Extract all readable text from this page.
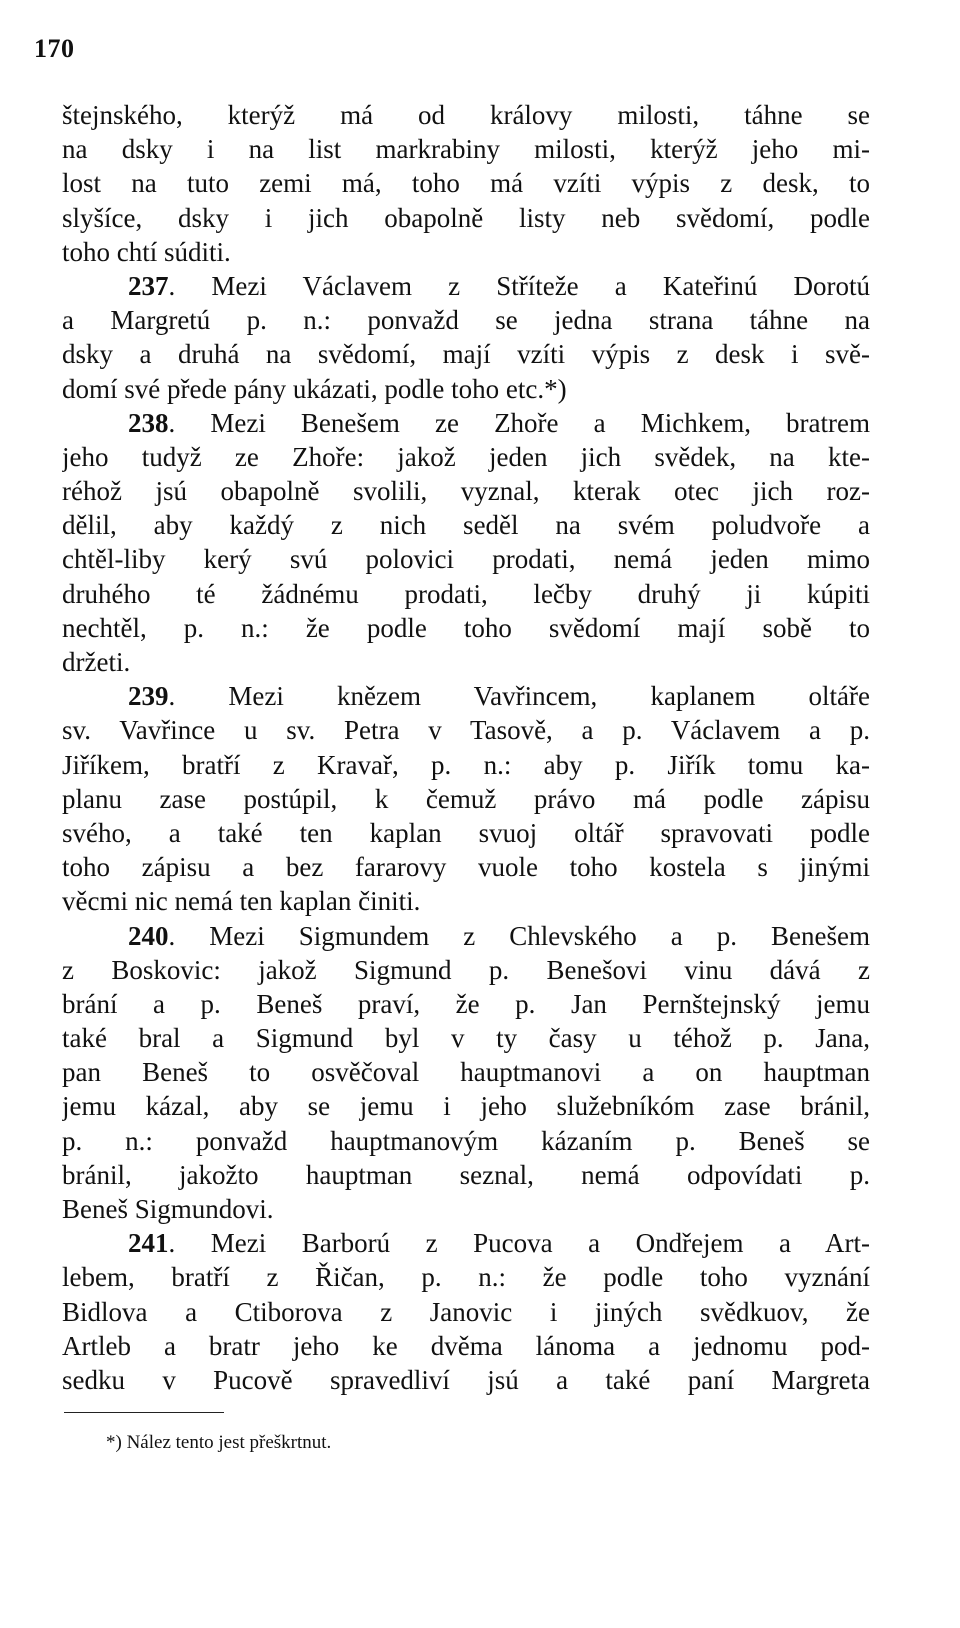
170
štejnského, kterýž má od královy milosti, táhne se
na dsky i na list markrabiny milosti, kterýž jeho mi-
lost na tuto zemi má, toho má vzíti výpis z desk, to
slyšíce, dsky i jich obapolně listy neb svědomí, podle
toho chtí súditi.
237. Mezi Václavem z Stříteže a Kateřinú Dorotú
a Margretú p. n.: ponvažd se jedna strana táhne na
dsky a druhá na svědomí, mají vzíti výpis z desk i svě-
domí své přede pány ukázati, podle toho etc.*)
238. Mezi Benešem ze Zhoře a Michkem, bratrem
jeho tudyž ze Zhoře: jakož jeden jich svědek, na kte-
réhož jsú obapolně svolili, vyznal, kterak otec jich roz-
dělil, aby každý z nich seděl na svém poludvoře a
chtěl-liby kerý svú polovici prodati, nemá jeden mimo
druhého té žádnému prodati, lečby druhý ji kúpiti
nechtěl, p. n.: že podle toho svědomí mají sobě to
držeti.
239. Mezi knězem Vavřincem, kaplanem oltáře
sv. Vavřince u sv. Petra v Tasově, a p. Václavem a p.
Jiříkem, bratří z Kravař, p. n.: aby p. Jiřík tomu ka-
planu zase postúpil, k čemuž právo má podle zápisu
svého, a také ten kaplan svuoj oltář spravovati podle
toho zápisu a bez fararovy vuole toho kostela s jinými
věcmi nic nemá ten kaplan činiti.
240. Mezi Sigmundem z Chlevského a p. Benešem
z Boskovic: jakož Sigmund p. Benešovi vinu dává z
brání a p. Beneš praví, že p. Jan Pernštejnský jemu
také bral a Sigmund byl v ty časy u téhož p. Jana,
pan Beneš to osvěčoval hauptmanovi a on hauptman
jemu kázal, aby se jemu i jeho služebníkóm zase bránil,
p. n.: ponvažd hauptmanovým kázaním p. Beneš se
bránil, jakožto hauptman seznal, nemá odpovídati p.
Beneš Sigmundovi.
241. Mezi Barború z Pucova a Ondřejem a Art-
lebem, bratří z Řičan, p. n.: že podle toho vyznání
Bidlova a Ctiborova z Janovic i jiných svědkuov, že
Artleb a bratr jeho ke dvěma lánoma a jednomu pod-
sedku v Pucově spravedliví jsú a také paní Margreta
*) Nález tento jest přeškrtnut.
